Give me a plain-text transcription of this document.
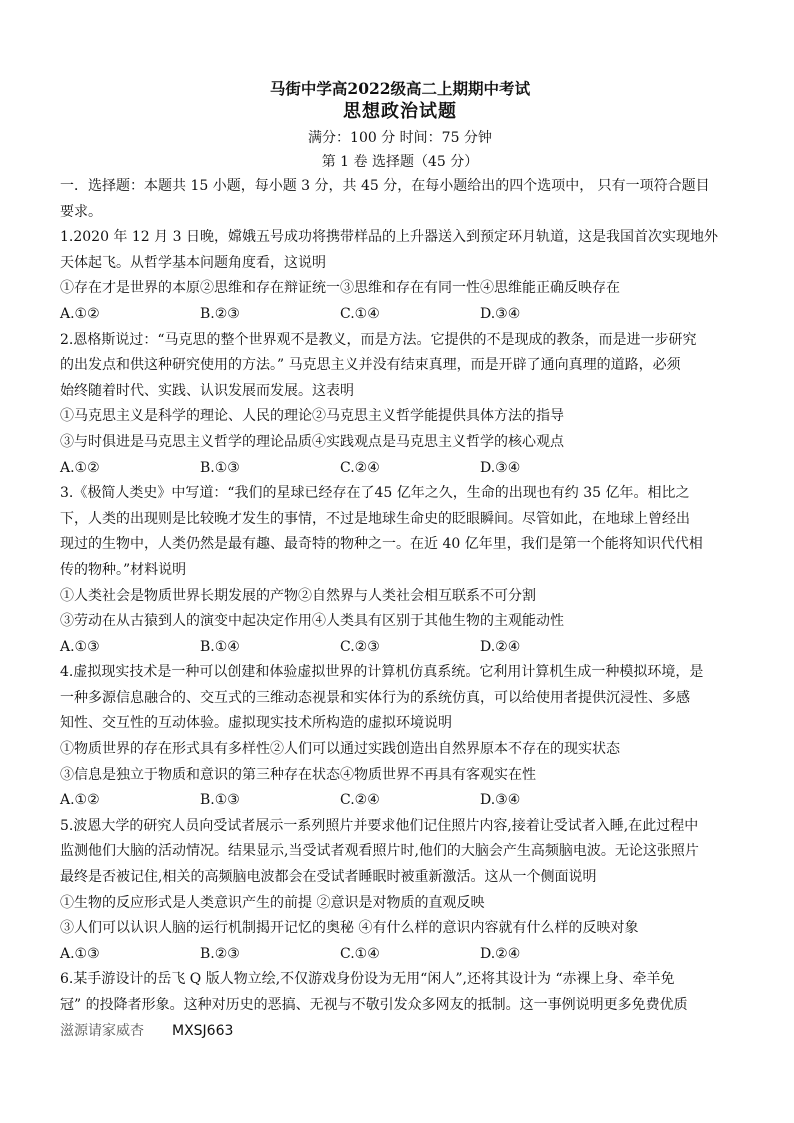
马街中学高2022级高二上期期中考试
思想政治试题
满分：100 分 时间：75 分钟
第 1 卷 选择题（45 分）

一．选择题：本题共 15 小题，每小题 3 分，共 45 分，在每小题给出的四个选项中， 只有一项符合题目

要求。

1.2020 年 12 月 3 日晚，嫦娥五号成功将携带样品的上升器送入到预定环月轨道，这是我国首次实现地外

天体起飞。从哲学基本问题角度看，这说明

①存在才是世界的本原②思维和存在辩证统一③思维和存在有同一性④思维能正确反映存在

A.①②	B.②③	C.①④	D.③④

2.恩格斯说过：“马克思的整个世界观不是教义，而是方法。它提供的不是现成的教条，而是进一步研究

的出发点和供这种研究使用的方法。” 马克思主义并没有结束真理，而是开辟了通向真理的道路，必须

始终随着时代、实践、认识发展而发展。这表明

①马克思主义是科学的理论、人民的理论②马克思主义哲学能提供具体方法的指导

③与时俱进是马克思主义哲学的理论品质④实践观点是马克思主义哲学的核心观点

A.①②	B.①③	C.②④	D.③④

3.《极简人类史》中写道：“我们的星球已经存在了45 亿年之久，生命的出现也有约 35 亿年。相比之

下，人类的出现则是比较晚才发生的事情，不过是地球生命史的眨眼瞬间。尽管如此，在地球上曾经出

现过的生物中，人类仍然是最有趣、最奇特的物种之一。在近 40 亿年里，我们是第一个能将知识代代相

传的物种。”材料说明

①人类社会是物质世界长期发展的产物②自然界与人类社会相互联系不可分割

③劳动在从古猿到人的演变中起决定作用④人类具有区别于其他生物的主观能动性

A.①③	B.①④	C.②③	D.②④

4.虚拟现实技术是一种可以创建和体验虚拟世界的计算机仿真系统。它利用计算机生成一种模拟环境，是

一种多源信息融合的、交互式的三维动态视景和实体行为的系统仿真，可以给使用者提供沉浸性、多感

知性、交互性的互动体验。虚拟现实技术所构造的虚拟环境说明

①物质世界的存在形式具有多样性②人们可以通过实践创造出自然界原本不存在的现实状态

③信息是独立于物质和意识的第三种存在状态④物质世界不再具有客观实在性

A.①②	B.①③	C.②④	D.③④

5.波恩大学的研究人员向受试者展示一系列照片并要求他们记住照片内容,接着让受试者入睡,在此过程中

监测他们大脑的活动情况。结果显示,当受试者观看照片时,他们的大脑会产生高频脑电波。无论这张照片

最终是否被记住,相关的高频脑电波都会在受试者睡眠时被重新激活。这从一个侧面说明

①生物的反应形式是人类意识产生的前提 ②意识是对物质的直观反映

③人们可以认识人脑的运行机制揭开记忆的奥秘 ④有什么样的意识内容就有什么样的反映对象

A.①③	B.②③	C.①④	D.②④

6.某手游设计的岳飞 Q 版人物立绘,不仅游戏身份设为无用“闲人”,还将其设计为 “赤裸上身、牵羊免

冠” 的投降者形象。这种对历史的恶搞、无视与不敬引发众多网友的抵制。这一事例说明更多免费优质

滋源请家威杏 MXSJ663
